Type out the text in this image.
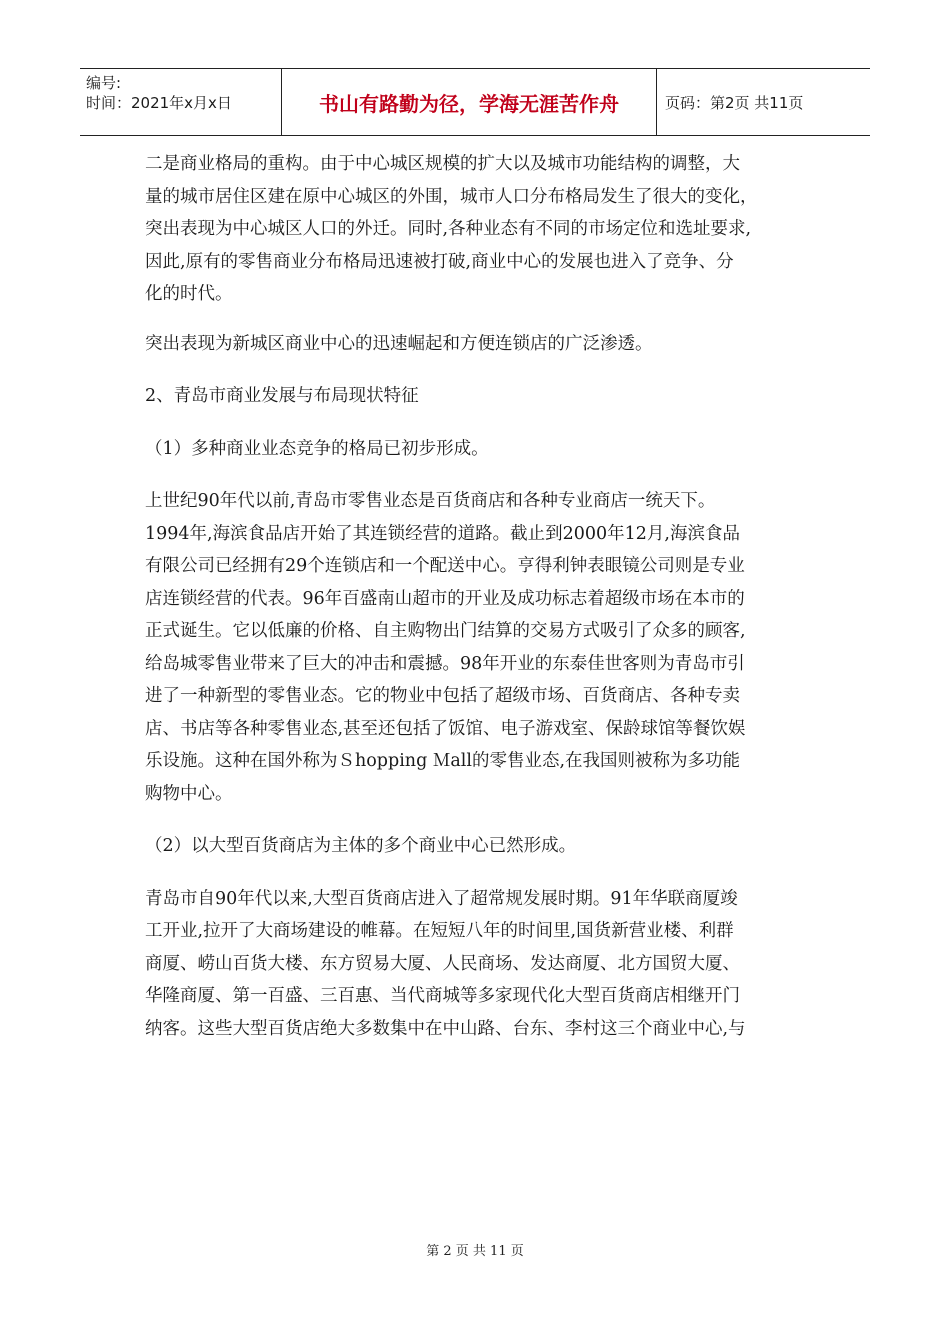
编号:
时间：2021年x月x日	书山有路勤为径，学海无涯苦作舟	页码：第2页 共11页

二是商业格局的重构。由于中心城区规模的扩大以及城市功能结构的调整，大

量的城市居住区建在原中心城区的外围，城市人口分布格局发生了很大的变化，

突出表现为中心城区人口的外迁。同时,各种业态有不同的市场定位和选址要求,

因此,原有的零售商业分布格局迅速被打破,商业中心的发展也进入了竞争、分

化的时代。

突出表现为新城区商业中心的迅速崛起和方便连锁店的广泛渗透。

2、青岛市商业发展与布局现状特征

（1）多种商业业态竞争的格局已初步形成。

上世纪90年代以前,青岛市零售业态是百货商店和各种专业商店一统天下。

1994年,海滨食品店开始了其连锁经营的道路。截止到2000年12月,海滨食品

有限公司已经拥有29个连锁店和一个配送中心。亨得利钟表眼镜公司则是专业

店连锁经营的代表。96年百盛南山超市的开业及成功标志着超级市场在本市的

正式诞生。它以低廉的价格、自主购物出门结算的交易方式吸引了众多的顾客,

给岛城零售业带来了巨大的冲击和震撼。98年开业的东泰佳世客则为青岛市引

进了一种新型的零售业态。它的物业中包括了超级市场、百货商店、各种专卖

店、书店等各种零售业态,甚至还包括了饭馆、电子游戏室、保龄球馆等餐饮娱

乐设施。这种在国外称为Ｓhopping Ｍall的零售业态,在我国则被称为多功能

购物中心。

（2）以大型百货商店为主体的多个商业中心已然形成。

青岛市自90年代以来,大型百货商店进入了超常规发展时期。91年华联商厦竣

工开业,拉开了大商场建设的帷幕。在短短八年的时间里,国货新营业楼、利群

商厦、崂山百货大楼、东方贸易大厦、人民商场、发达商厦、北方国贸大厦、

华隆商厦、第一百盛、三百惠、当代商城等多家现代化大型百货商店相继开门

纳客。这些大型百货店绝大多数集中在中山路、台东、李村这三个商业中心,与

第 2 页 共 11 页
